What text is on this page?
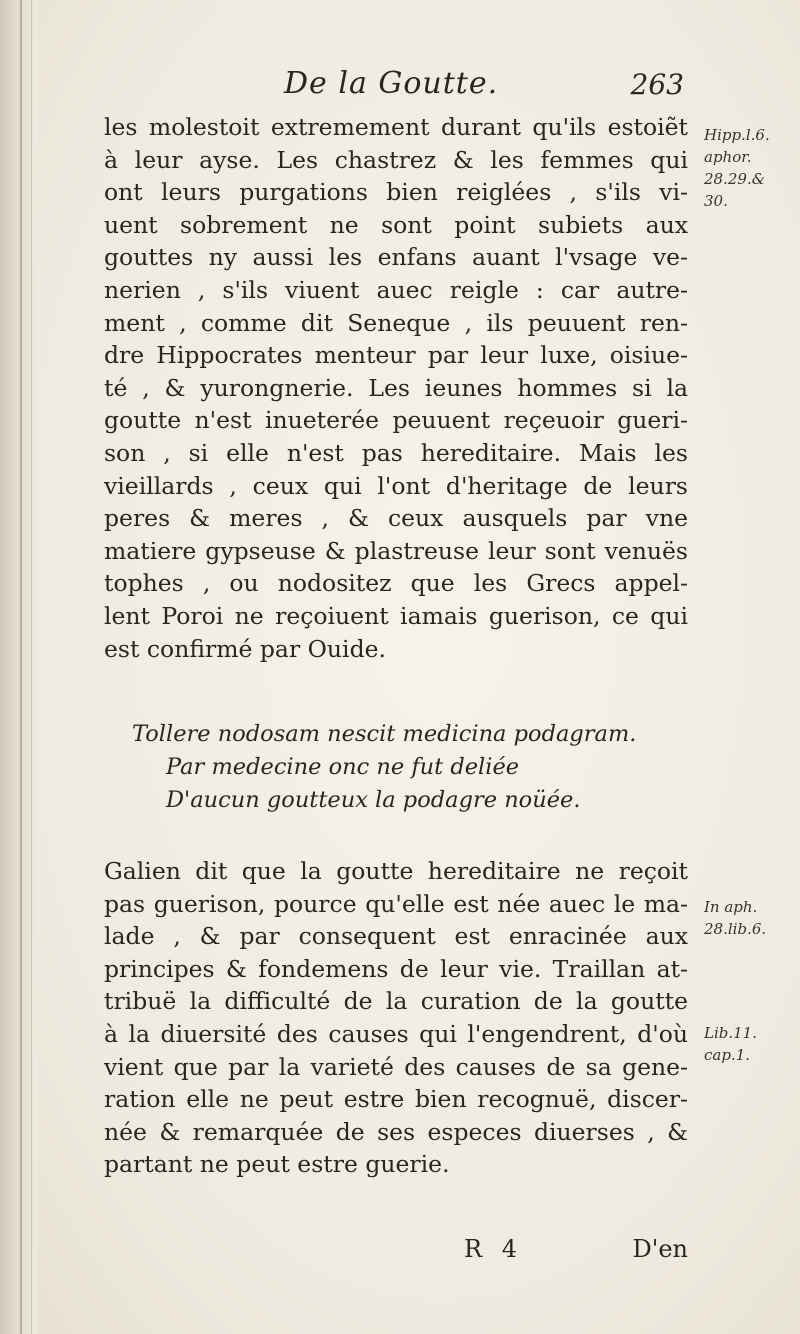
De la Goutte.	263
les molestoit extremement durant qu'ils estoiẽt
à leur ayse. Les chastrez & les femmes qui
ont leurs purgations bien reiglées , s'ils vi-
uent sobrement ne sont point subiets aux
gouttes ny aussi les enfans auant l'vsage ve-
nerien , s'ils viuent auec reigle : car autre-
ment , comme dit Seneque , ils peuuent ren-
dre Hippocrates menteur par leur luxe, oisiue-
té , & yurongnerie. Les ieunes hommes si la
goutte n'est inueterée peuuent reçeuoir gueri-
son , si elle n'est pas hereditaire. Mais les
vieillards , ceux qui l'ont d'heritage de leurs
peres & meres , & ceux ausquels par vne
matiere gypseuse & plastreuse leur sont venuës
tophes , ou nodositez que les Grecs appel-
lent Poroi ne reçoiuent iamais guerison, ce qui
est confirmé par Ouide.
Tollere nodosam nescit medicina podagram.
Par medecine onc ne fut deliée
D'aucun goutteux la podagre noüée.
Galien dit que la goutte hereditaire ne reçoit
pas guerison, pource qu'elle est née auec le ma-
lade , & par consequent est enracinée aux
principes & fondemens de leur vie. Traillan at-
tribuë la difficulté de la curation de la goutte
à la diuersité des causes qui l'engendrent, d'où
vient que par la varieté des causes de sa gene-
ration elle ne peut estre bien recognuë, discer-
née & remarquée de ses especes diuerses , &
partant ne peut estre guerie.
Hipp.l.6.
aphor.
28.29.&
30.
In aph.
28.lib.6.
Lib.11.
cap.1.
R 4	D'en
